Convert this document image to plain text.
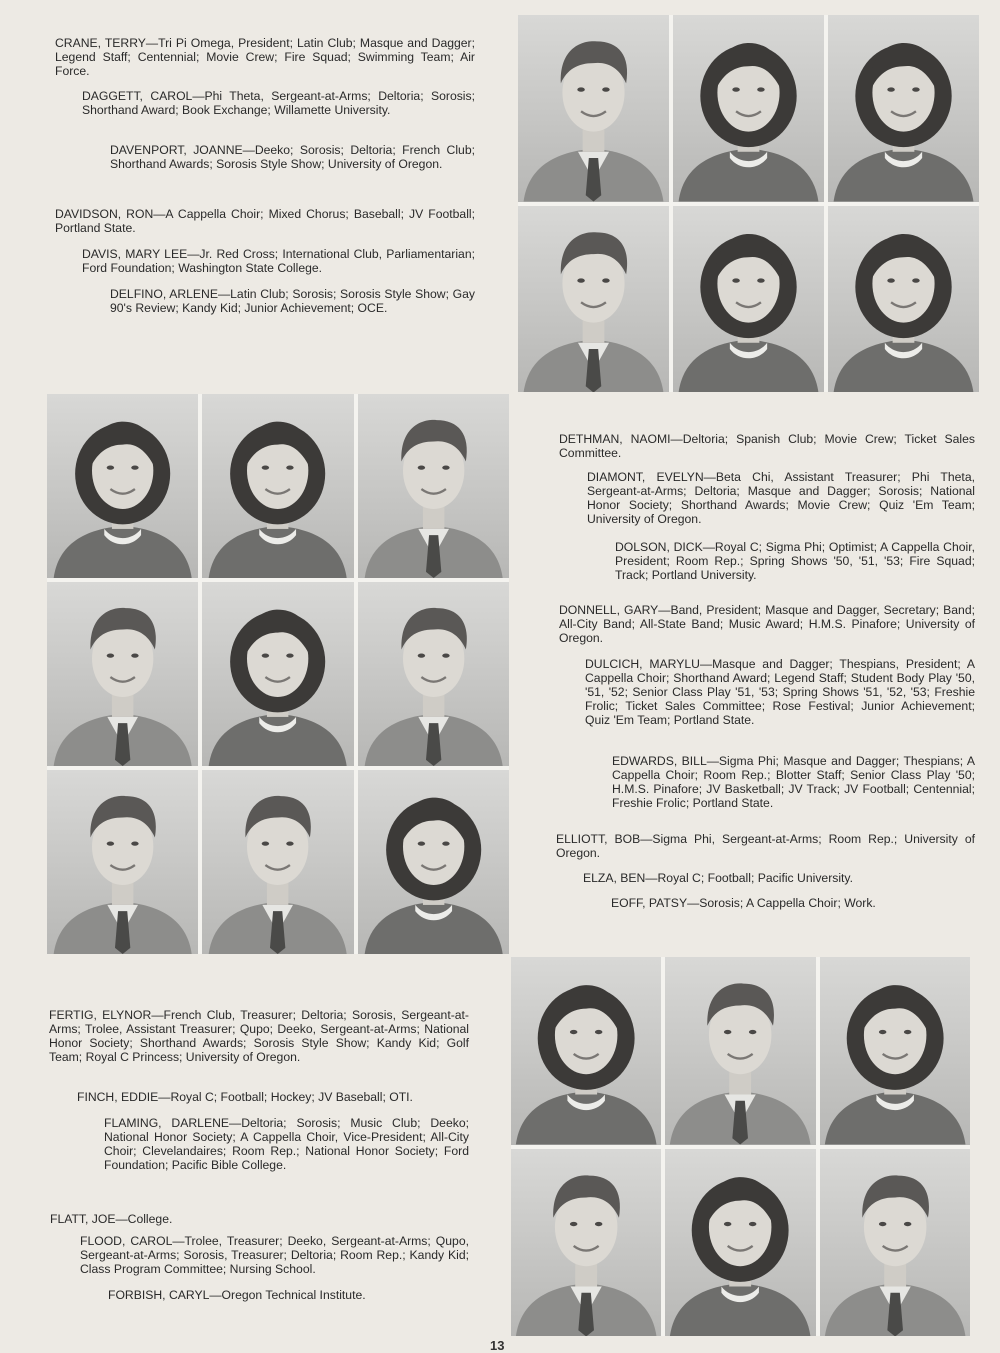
CRANE, TERRY—Tri Pi Omega, President; Latin Club; Masque and Dagger; Legend Staff; Centennial; Movie Crew; Fire Squad; Swimming Team; Air Force.

DAGGETT, CAROL—Phi Theta, Sergeant-at-Arms; Deltoria; Sorosis; Shorthand Award; Book Exchange; Willamette University.

DAVENPORT, JOANNE—Deeko; Sorosis; Deltoria; French Club; Shorthand Awards; Sorosis Style Show; University of Oregon.

DAVIDSON, RON—A Cappella Choir; Mixed Chorus; Baseball; JV Football; Portland State.

DAVIS, MARY LEE—Jr. Red Cross; International Club, Parliamentarian; Ford Foundation; Washington State College.

DELFINO, ARLENE—Latin Club; Sorosis; Sorosis Style Show; Gay 90's Review; Kandy Kid; Junior Achievement; OCE.

DETHMAN, NAOMI—Deltoria; Spanish Club; Movie Crew; Ticket Sales Committee.

DIAMONT, EVELYN—Beta Chi, Assistant Treasurer; Phi Theta, Sergeant-at-Arms; Deltoria; Masque and Dagger; Sorosis; National Honor Society; Shorthand Awards; Movie Crew; Quiz 'Em Team; University of Oregon.

DOLSON, DICK—Royal C; Sigma Phi; Optimist; A Cappella Choir, President; Room Rep.; Spring Shows '50, '51, '53; Fire Squad; Track; Portland University.

DONNELL, GARY—Band, President; Masque and Dagger, Secretary; Band; All-City Band; All-State Band; Music Award; H.M.S. Pinafore; University of Oregon.

DULCICH, MARYLU—Masque and Dagger; Thespians, President; A Cappella Choir; Shorthand Award; Legend Staff; Student Body Play '50, '51, '52; Senior Class Play '51, '53; Spring Shows '51, '52, '53; Freshie Frolic; Ticket Sales Committee; Rose Festival; Junior Achievement; Quiz 'Em Team; Portland State.

EDWARDS, BILL—Sigma Phi; Masque and Dagger; Thespians; A Cappella Choir; Room Rep.; Blotter Staff; Senior Class Play '50; H.M.S. Pinafore; JV Basketball; JV Track; JV Football; Centennial; Freshie Frolic; Portland State.

ELLIOTT, BOB—Sigma Phi, Sergeant-at-Arms; Room Rep.; University of Oregon.

ELZA, BEN—Royal C; Football; Pacific University.

EOFF, PATSY—Sorosis; A Cappella Choir; Work.

FERTIG, ELYNOR—French Club, Treasurer; Deltoria; Sorosis, Sergeant-at-Arms; Trolee, Assistant Treasurer; Qupo; Deeko, Sergeant-at-Arms; National Honor Society; Shorthand Awards; Sorosis Style Show; Kandy Kid; Golf Team; Royal C Princess; University of Oregon.

FINCH, EDDIE—Royal C; Football; Hockey; JV Baseball; OTI.

FLAMING, DARLENE—Deltoria; Sorosis; Music Club; Deeko; National Honor Society; A Cappella Choir, Vice-President; All-City Choir; Clevelandaires; Room Rep.; National Honor Society; Ford Foundation; Pacific Bible College.

FLATT, JOE—College.

FLOOD, CAROL—Trolee, Treasurer; Deeko, Sergeant-at-Arms; Qupo, Sergeant-at-Arms; Sorosis, Treasurer; Deltoria; Room Rep.; Kandy Kid; Class Program Committee; Nursing School.

FORBISH, CARYL—Oregon Technical Institute.

13
